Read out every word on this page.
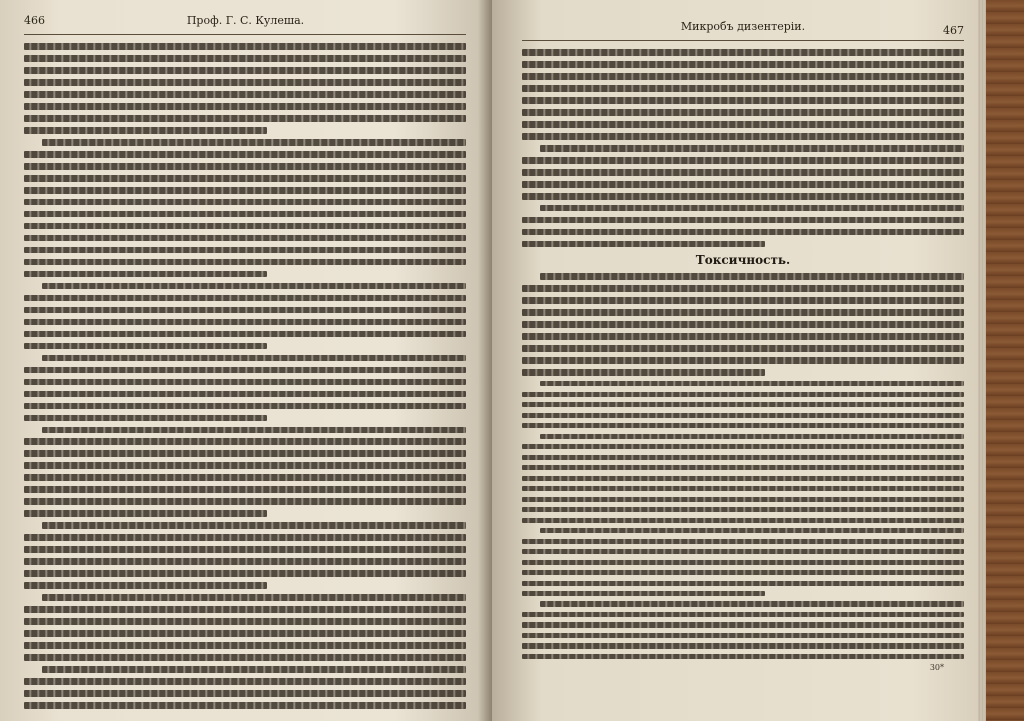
466	Проф. Г. С. Кулеша.	Микробъ дизентеріи.	467
Токсичность.
30*
